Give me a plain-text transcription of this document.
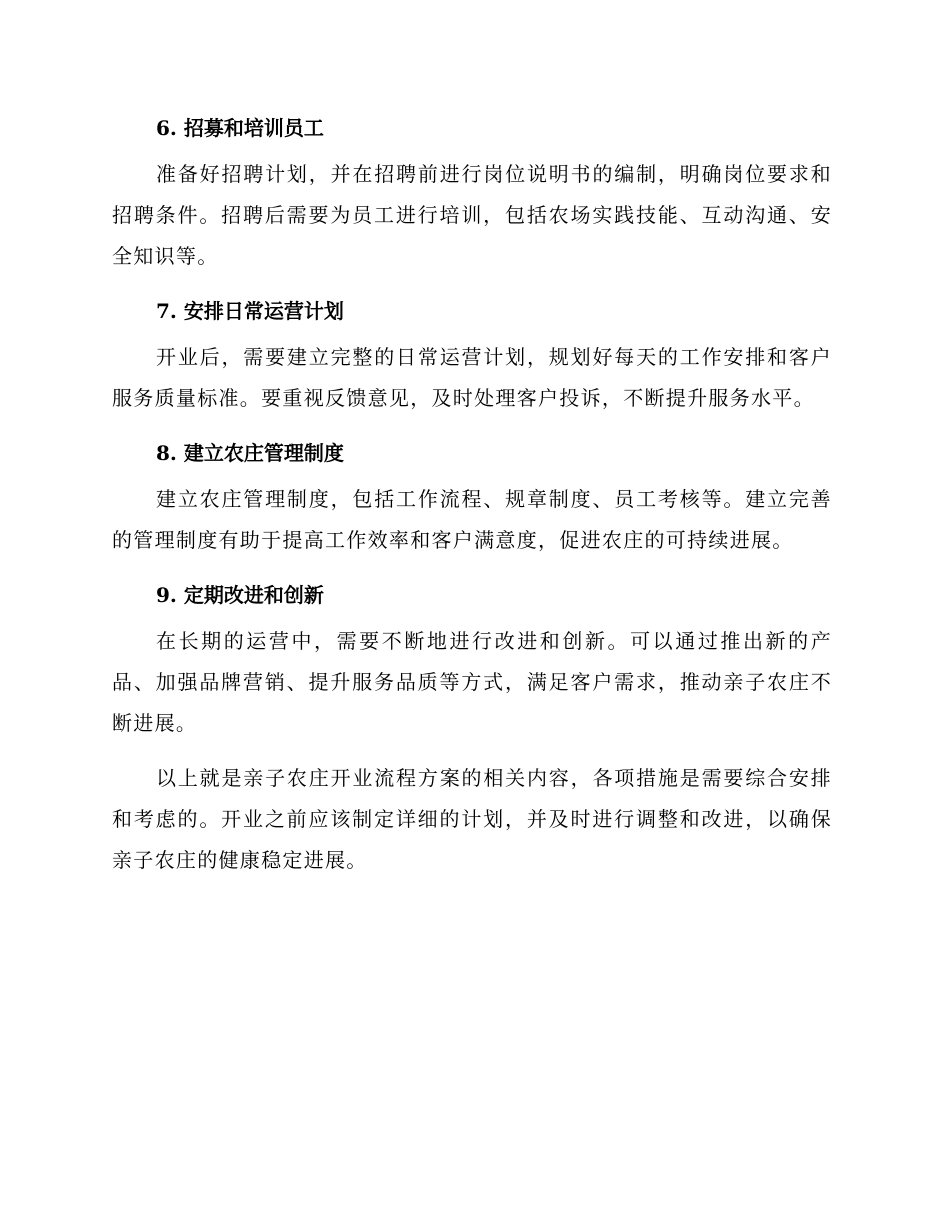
6. 招募和培训员工

准备好招聘计划，并在招聘前进行岗位说明书的编制，明确岗位要求和招聘条件。招聘后需要为员工进行培训，包括农场实践技能、互动沟通、安全知识等。

7. 安排日常运营计划

开业后，需要建立完整的日常运营计划，规划好每天的工作安排和客户服务质量标准。要重视反馈意见，及时处理客户投诉，不断提升服务水平。

8. 建立农庄管理制度

建立农庄管理制度，包括工作流程、规章制度、员工考核等。建立完善的管理制度有助于提高工作效率和客户满意度，促进农庄的可持续进展。

9. 定期改进和创新

在长期的运营中，需要不断地进行改进和创新。可以通过推出新的产品、加强品牌营销、提升服务品质等方式，满足客户需求，推动亲子农庄不断进展。

以上就是亲子农庄开业流程方案的相关内容，各项措施是需要综合安排和考虑的。开业之前应该制定详细的计划，并及时进行调整和改进，以确保亲子农庄的健康稳定进展。
